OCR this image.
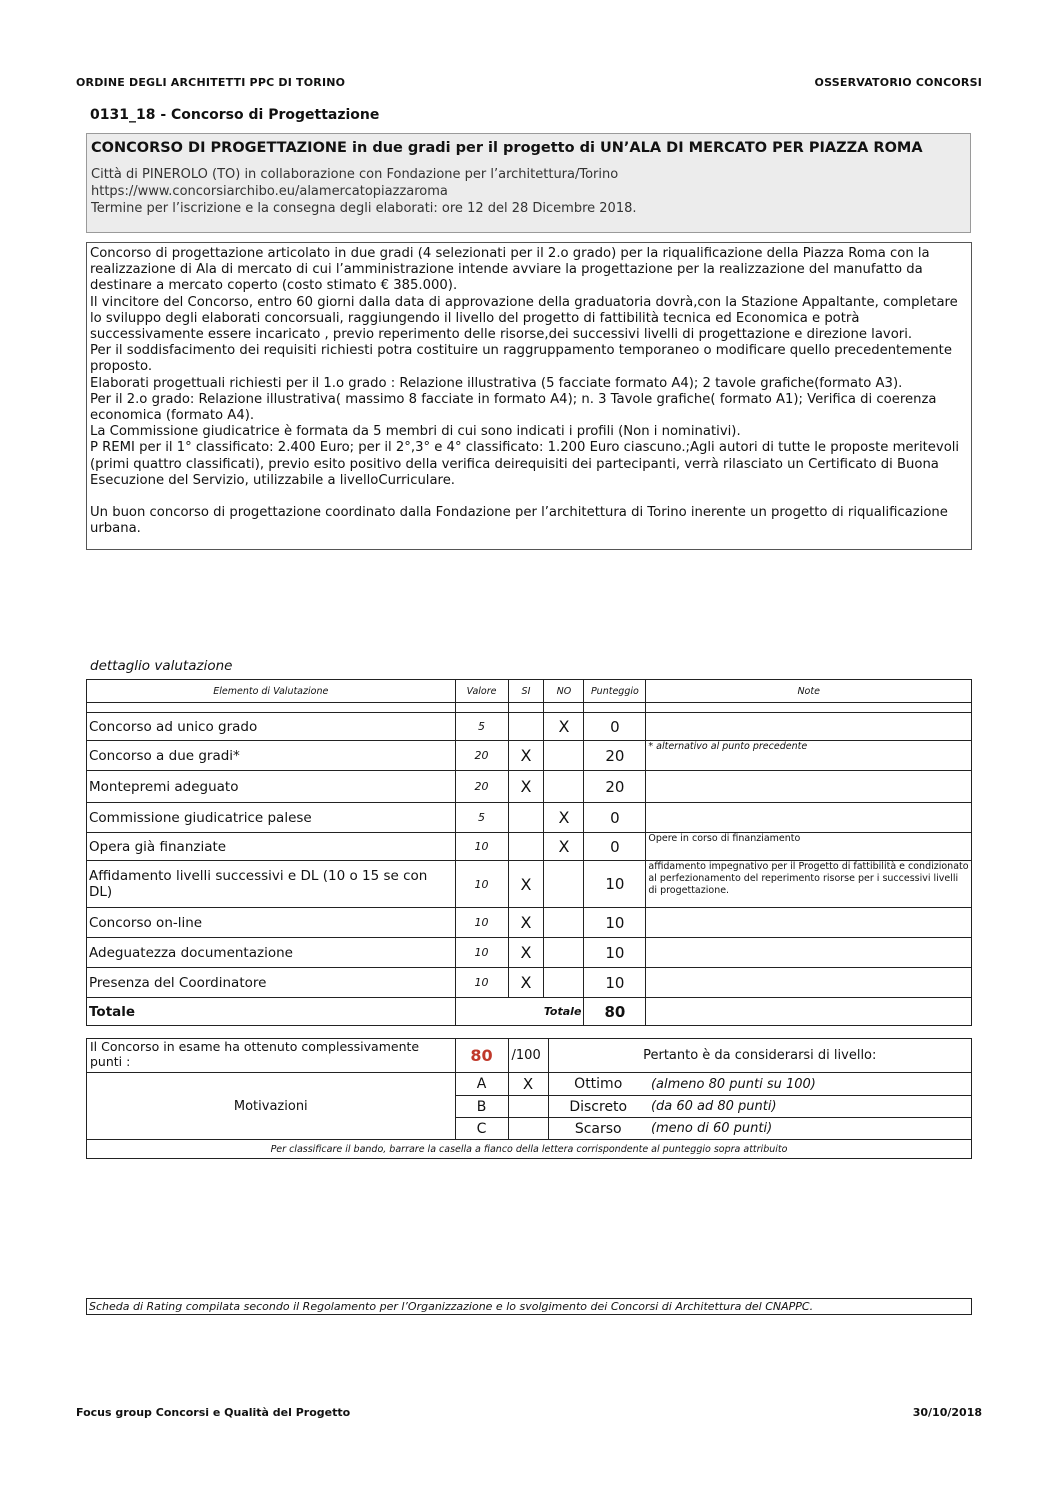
ORDINE DEGLI ARCHITETTI PPC DI TORINO	OSSERVATORIO CONCORSI
0131_18 - Concorso di Progettazione
CONCORSO DI PROGETTAZIONE in due gradi per il progetto di UN’ALA DI MERCATO PER PIAZZA ROMA
Città di PINEROLO (TO) in collaborazione con Fondazione per l’architettura/Torino
https://www.concorsiarchibo.eu/alamercatopiazzaroma
Termine per l’iscrizione e la consegna degli elaborati: ore 12 del 28 Dicembre 2018.

Concorso di progettazione articolato in due gradi (4 selezionati per il 2.o grado) per la riqualificazione della Piazza Roma con la realizzazione di Ala di mercato di cui l’amministrazione intende avviare la progettazione per la realizzazione del manufatto da destinare a mercato coperto (costo stimato € 385.000).

Il vincitore del Concorso, entro 60 giorni dalla data di approvazione della graduatoria dovrà,con la Stazione Appaltante, completare lo sviluppo degli elaborati concorsuali, raggiungendo il livello del progetto di fattibilità tecnica ed Economica e potrà successivamente essere incaricato , previo reperimento delle risorse,dei successivi livelli di progettazione e direzione lavori.

Per il soddisfacimento dei requisiti richiesti potra costituire un raggruppamento temporaneo o modificare quello precedentemente proposto.

Elaborati progettuali richiesti per il 1.o grado : Relazione illustrativa (5 facciate formato A4); 2 tavole grafiche(formato A3).

Per il 2.o grado: Relazione illustrativa( massimo 8 facciate in formato A4); n. 3 Tavole grafiche( formato A1); Verifica di coerenza economica (formato A4).

La Commissione giudicatrice è formata da 5 membri di cui sono indicati i profili (Non i nominativi).

P REMI per il 1° classificato: 2.400 Euro; per il 2°,3° e 4° classificato: 1.200 Euro ciascuno.;Agli autori di tutte le proposte meritevoli (primi quattro classificati), previo esito positivo della verifica deirequisiti dei partecipanti, verrà rilasciato un Certificato di Buona Esecuzione del Servizio, utilizzabile a livelloCurriculare.

Un buon concorso di progettazione coordinato dalla Fondazione per l’architettura di Torino inerente un progetto di riqualificazione urbana.

dettaglio valutazione
Elemento di Valutazione	Valore	SI	NO	Punteggio	Note

Concorso ad unico grado	5		X	0	
Concorso a due gradi*	20	X		20	* alternativo al punto precedente
Montepremi adeguato	20	X		20	
Commissione giudicatrice palese	5		X	0	
Opera già finanziate	10		X	0	Opere in corso di finanziamento
Affidamento livelli successivi e DL (10 o 15 se con DL)	10	X		10	affidamento impegnativo per il Progetto di fattibilità e condizionato al perfezionamento del reperimento risorse per i successivi livelli di progettazione.
Concorso on-line	10	X		10	
Adeguatezza documentazione	10	X		10	
Presenza del Coordinatore	10	X		10	
Totale	Totale			80	
Il Concorso in esame ha ottenuto complessivamente punti :	80	/100	Pertanto è da considerarsi di livello:	
Motivazioni	A	X	Ottimo	(almeno 80 punti su 100)
	B		Discreto	(da 60 ad 80 punti)
	C		Scarso	(meno di 60 punti)
Per classificare il bando, barrare la casella a fianco della lettera corrispondente al punteggio sopra attribuito				
Scheda di Rating compilata secondo il Regolamento per l’Organizzazione e lo svolgimento dei Concorsi di Architettura del CNAPPC.
Focus group Concorsi e Qualità del Progetto	30/10/2018
